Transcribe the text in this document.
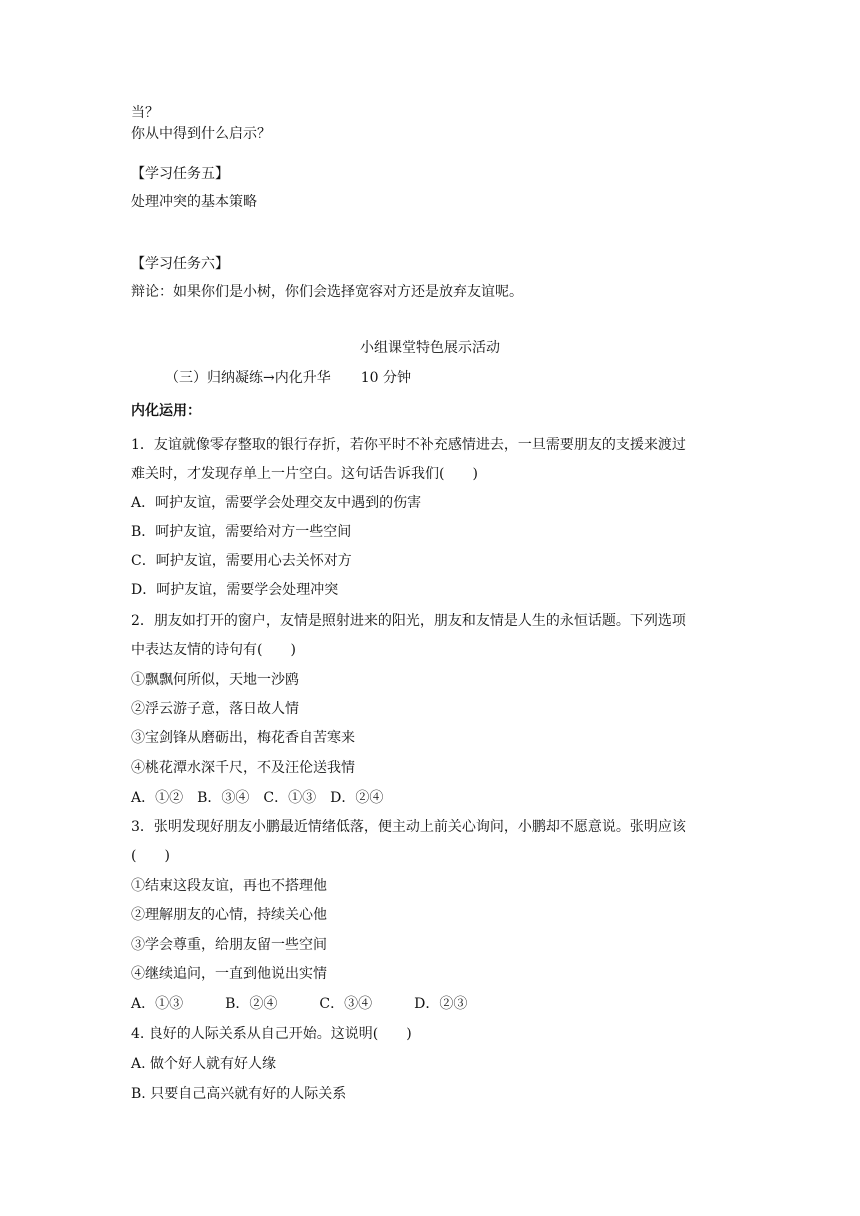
当？
你从中得到什么启示？
【学习任务五】
处理冲突的基本策略
【学习任务六】
辩论：如果你们是小树，你们会选择宽容对方还是放弃友谊呢。
小组课堂特色展示活动
（三）归纳凝练→内化升华 10 分钟
内化运用：
1．友谊就像零存整取的银行存折，若你平时不补充感情进去，一旦需要朋友的支援来渡过
难关时，才发现存单上一片空白。这句话告诉我们(　　)
A．呵护友谊，需要学会处理交友中遇到的伤害
B．呵护友谊，需要给对方一些空间
C．呵护友谊，需要用心去关怀对方
D．呵护友谊，需要学会处理冲突
2．朋友如打开的窗户，友情是照射进来的阳光，朋友和友情是人生的永恒话题。下列选项
中表达友情的诗句有(　　)
①飘飘何所似，天地一沙鸥
②浮云游子意，落日故人情
③宝剑锋从磨砺出，梅花香自苦寒来
④桃花潭水深千尺，不及汪伦送我情
A．①②　B．③④　C．①③　D．②④
3．张明发现好朋友小鹏最近情绪低落，便主动上前关心询问，小鹏却不愿意说。张明应该
(　　)
①结束这段友谊，再也不搭理他
②理解朋友的心情，持续关心他
③学会尊重，给朋友留一些空间
④继续追问，一直到他说出实情
A．①③　　　B．②④　　　C．③④　　　D．②③
4. 良好的人际关系从自己开始。这说明(　　)
A. 做个好人就有好人缘
B. 只要自己高兴就有好的人际关系
